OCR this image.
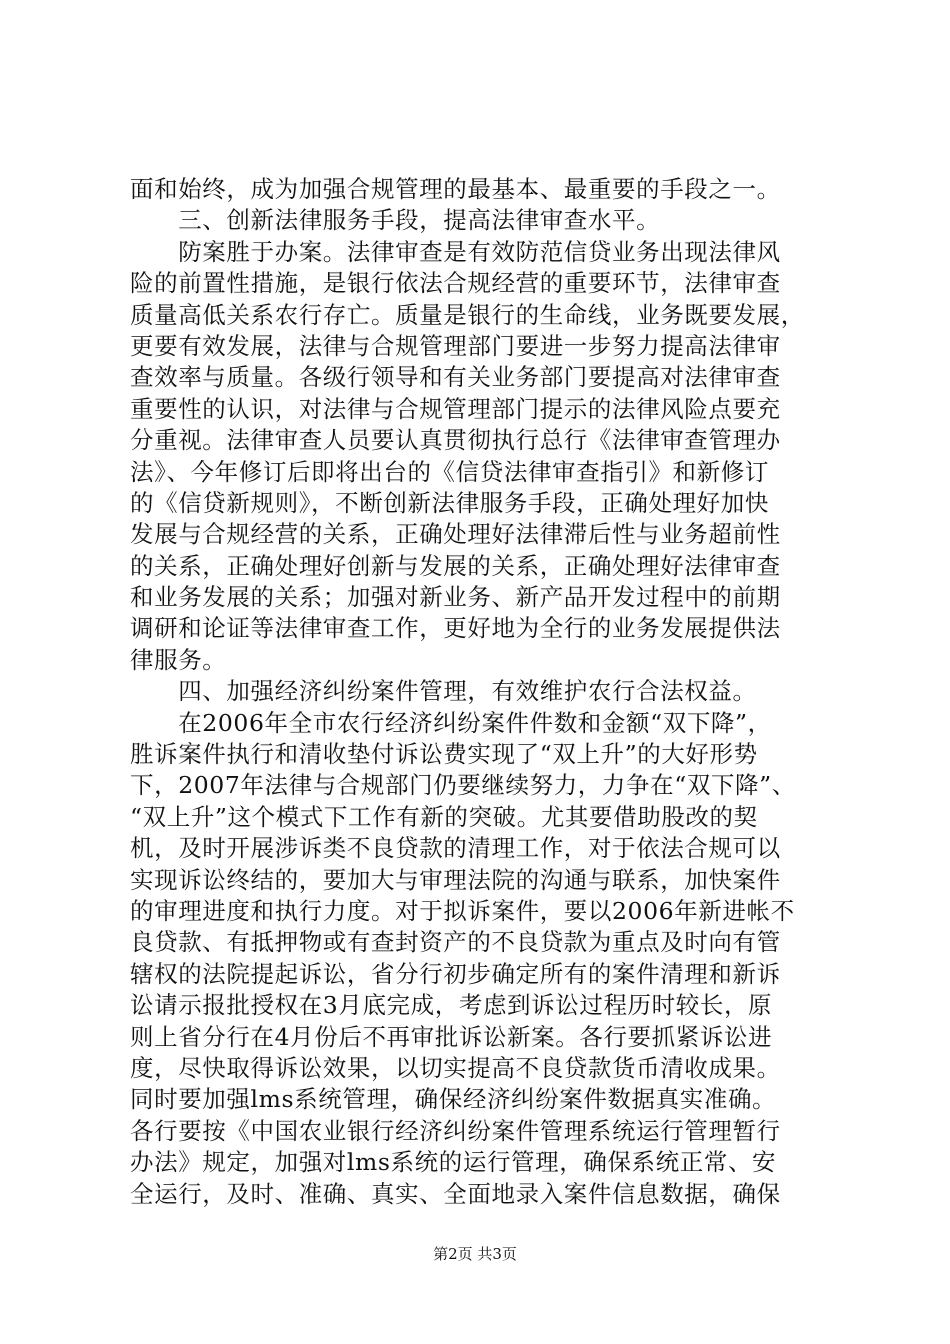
面和始终，成为加强合规管理的最基本、最重要的手段之一。
　　三、创新法律服务手段，提高法律审查水平。
　　防案胜于办案。法律审查是有效防范信贷业务出现法律风
险的前置性措施，是银行依法合规经营的重要环节，法律审查
质量高低关系农行存亡。质量是银行的生命线，业务既要发展，
更要有效发展，法律与合规管理部门要进一步努力提高法律审
查效率与质量。各级行领导和有关业务部门要提高对法律审查
重要性的认识，对法律与合规管理部门提示的法律风险点要充
分重视。法律审查人员要认真贯彻执行总行《法律审查管理办
法》、今年修订后即将出台的《信贷法律审查指引》和新修订
的《信贷新规则》，不断创新法律服务手段，正确处理好加快
发展与合规经营的关系，正确处理好法律滞后性与业务超前性
的关系，正确处理好创新与发展的关系，正确处理好法律审查
和业务发展的关系；加强对新业务、新产品开发过程中的前期
调研和论证等法律审查工作，更好地为全行的业务发展提供法
律服务。
　　四、加强经济纠纷案件管理，有效维护农行合法权益。
　　在2006年全市农行经济纠纷案件件数和金额“双下降”，
胜诉案件执行和清收垫付诉讼费实现了“双上升”的大好形势
下，2007年法律与合规部门仍要继续努力，力争在“双下降”、
“双上升”这个模式下工作有新的突破。尤其要借助股改的契
机，及时开展涉诉类不良贷款的清理工作，对于依法合规可以
实现诉讼终结的，要加大与审理法院的沟通与联系，加快案件
的审理进度和执行力度。对于拟诉案件，要以2006年新进帐不
良贷款、有抵押物或有查封资产的不良贷款为重点及时向有管
辖权的法院提起诉讼，省分行初步确定所有的案件清理和新诉
讼请示报批授权在3月底完成，考虑到诉讼过程历时较长，原
则上省分行在4月份后不再审批诉讼新案。各行要抓紧诉讼进
度，尽快取得诉讼效果，以切实提高不良贷款货币清收成果。
同时要加强lms系统管理，确保经济纠纷案件数据真实准确。
各行要按《中国农业银行经济纠纷案件管理系统运行管理暂行
办法》规定，加强对lms系统的运行管理，确保系统正常、安
全运行，及时、准确、真实、全面地录入案件信息数据，确保
第2页 共3页
